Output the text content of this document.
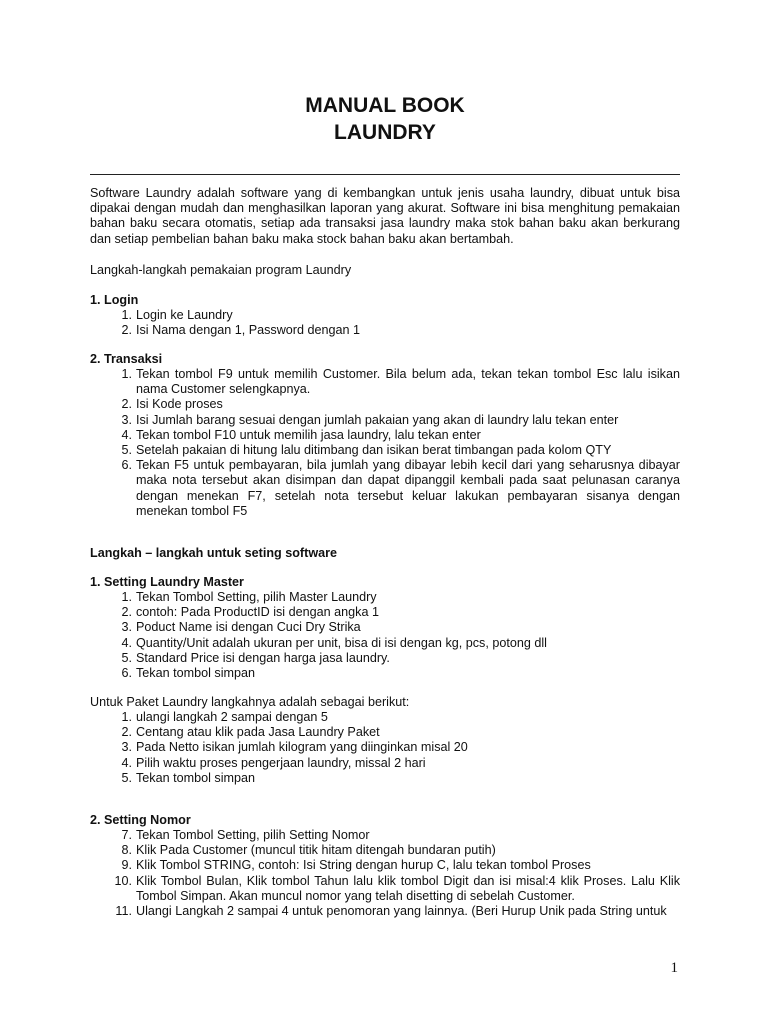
MANUAL BOOK
LAUNDRY

Software Laundry adalah software yang di kembangkan untuk jenis usaha laundry, dibuat untuk bisa dipakai dengan mudah dan menghasilkan laporan yang akurat. Software ini bisa menghitung pemakaian bahan baku secara otomatis, setiap ada transaksi jasa laundry maka stok bahan baku akan berkurang dan setiap pembelian bahan baku maka stock bahan baku akan bertambah.

Langkah-langkah pemakaian program Laundry

1. Login
1. Login ke Laundry
2. Isi Nama dengan 1, Password dengan 1
2. Transaksi
1. Tekan tombol F9 untuk memilih Customer. Bila belum ada, tekan tekan tombol Esc lalu isikan nama Customer selengkapnya.
2. Isi Kode proses
3. Isi Jumlah barang sesuai dengan jumlah pakaian yang akan di laundry lalu tekan enter
4. Tekan tombol F10 untuk memilih jasa laundry, lalu tekan enter
5. Setelah pakaian di hitung lalu ditimbang dan isikan berat timbangan pada kolom QTY
6. Tekan F5 untuk pembayaran, bila jumlah yang dibayar lebih kecil dari yang seharusnya dibayar maka nota tersebut akan disimpan dan dapat dipanggil kembali pada saat pelunasan caranya dengan menekan F7, setelah nota tersebut keluar lakukan pembayaran sisanya dengan menekan tombol F5
Langkah – langkah untuk seting software
1. Setting Laundry Master
1. Tekan Tombol Setting, pilih Master Laundry
2. contoh: Pada ProductID isi dengan angka 1
3. Poduct Name isi dengan Cuci Dry Strika
4. Quantity/Unit adalah ukuran per unit, bisa di isi dengan kg, pcs, potong dll
5. Standard Price isi dengan harga jasa laundry.
6. Tekan tombol simpan

Untuk Paket Laundry langkahnya adalah sebagai berikut:

1. ulangi langkah 2 sampai dengan 5
2. Centang atau klik pada Jasa Laundry Paket
3. Pada Netto isikan jumlah kilogram yang diinginkan misal 20
4. Pilih waktu proses pengerjaan laundry, missal 2 hari
5. Tekan tombol simpan
2. Setting Nomor
7. Tekan Tombol Setting, pilih Setting Nomor
8. Klik Pada Customer (muncul titik hitam ditengah bundaran putih)
9. Klik Tombol STRING, contoh: Isi String dengan hurup C, lalu tekan tombol Proses
10. Klik Tombol Bulan, Klik tombol Tahun lalu klik tombol Digit dan isi misal:4 klik Proses. Lalu Klik Tombol Simpan. Akan muncul nomor yang telah disetting di sebelah Customer.
11. Ulangi Langkah 2 sampai 4 untuk penomoran yang lainnya. (Beri Hurup Unik pada String untuk
1
